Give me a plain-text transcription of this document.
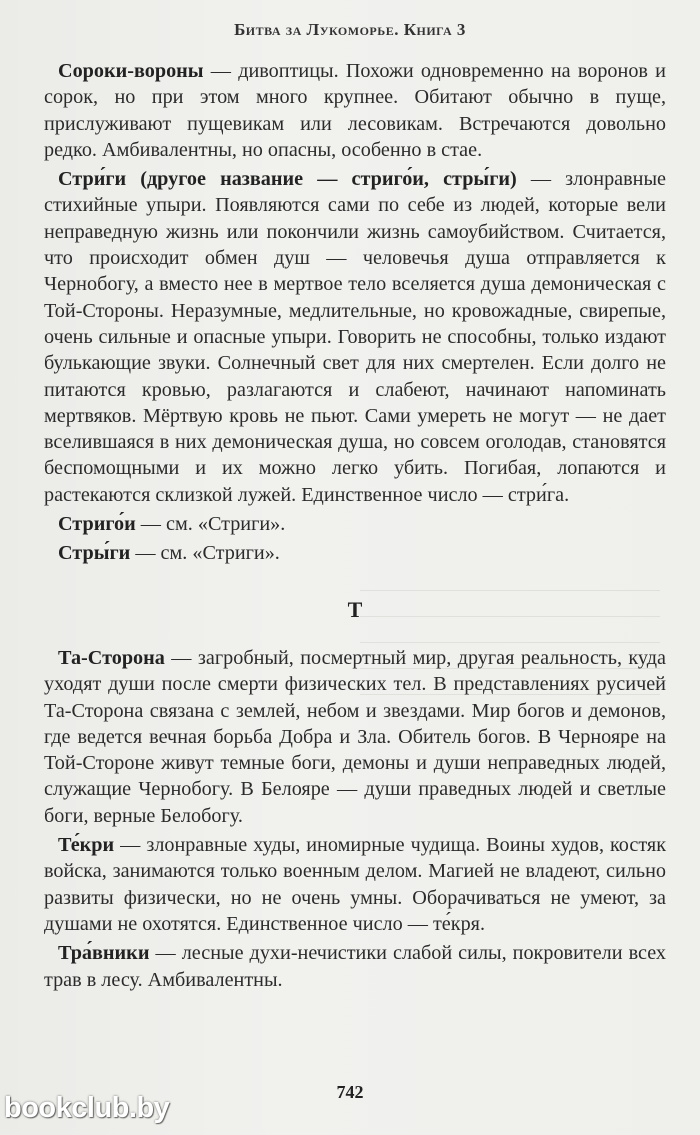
Битва за Лукоморье. Книга 3

Сороки-вороны — дивоптицы. Похожи одновременно на воронов и сорок, но при этом много крупнее. Обитают обычно в пуще, прислуживают пущевикам или лесовикам. Встречаются довольно редко. Амбивалентны, но опасны, особенно в стае.

Стри́ги (другое название — стриго́и, стры́ги) — злонравные стихийные упыри. Появляются сами по себе из людей, которые вели неправедную жизнь или покончили жизнь самоубийством. Считается, что происходит обмен душ — человечья душа отправляется к Чернобогу, а вместо нее в мертвое тело вселяется душа демоническая с Той-Стороны. Неразумные, медлительные, но кровожадные, свирепые, очень сильные и опасные упыри. Говорить не способны, только издают булькающие звуки. Солнечный свет для них смертелен. Если долго не питаются кровью, разлагаются и слабеют, начинают напоминать мертвяков. Мёртвую кровь не пьют. Сами умереть не могут — не дает вселившаяся в них демоническая душа, но совсем оголодав, становятся беспомощными и их можно легко убить. Погибая, лопаются и растекаются склизкой лужей. Единственное число — стри́га.

Стриго́и — см. «Стриги».

Стры́ги — см. «Стриги».

Т

Та-Сторона — загробный, посмертный мир, другая реальность, куда уходят души после смерти физических тел. В представлениях русичей Та-Сторона связана с землей, небом и звездами. Мир богов и демонов, где ведется вечная борьба Добра и Зла. Обитель богов. В Чернояре на Той-Стороне живут темные боги, демоны и души неправедных людей, служащие Чернобогу. В Белояре — души праведных людей и светлые боги, верные Белобогу.

Те́кри — злонравные худы, иномирные чудища. Воины худов, костяк войска, занимаются только военным делом. Магией не владеют, сильно развиты физически, но не очень умны. Оборачиваться не умеют, за душами не охотятся. Единственное число — те́кря.

Тра́вники — лесные духи-нечистики слабой силы, покровители всех трав в лесу. Амбивалентны.

742
bookclub.by
